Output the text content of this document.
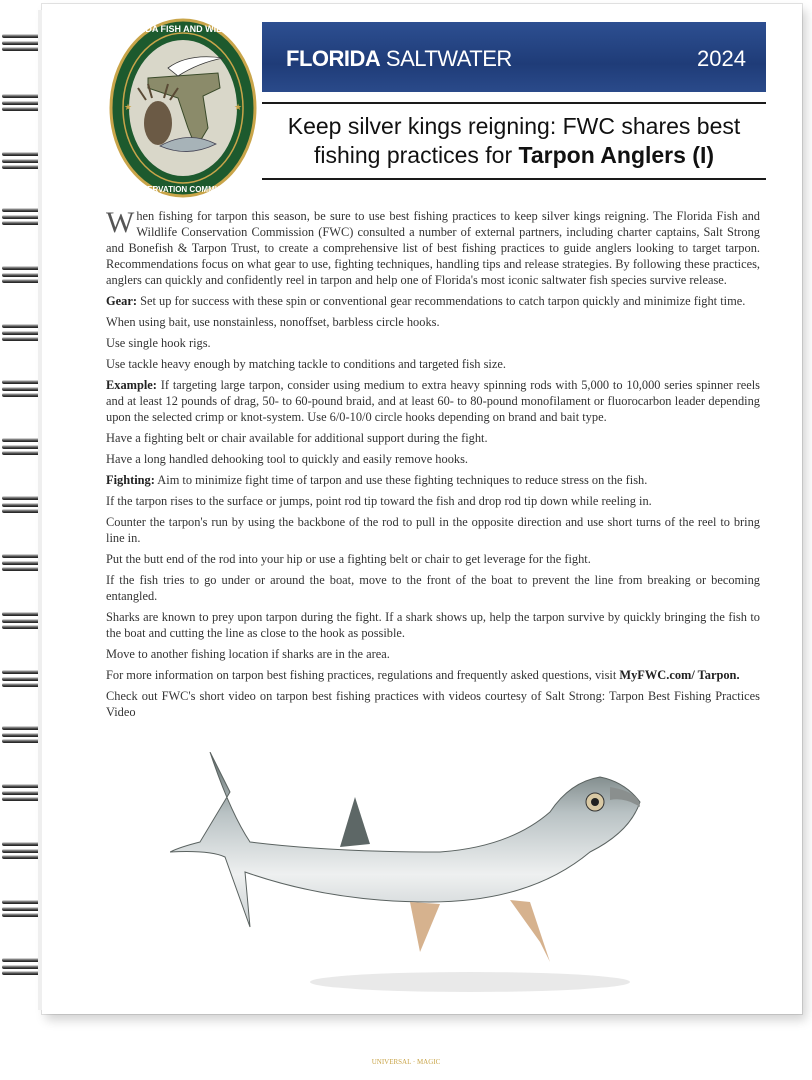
FLORIDA FISH AND WILDLIFE
CONSERVATION COMMISSION
★	★
FLORIDA SALTWATER	2024
Keep silver kings reigning: FWC shares best
fishing practices for Tarpon Anglers (I)

When fishing for tarpon this season, be sure to use best fishing practices to keep silver kings reigning. The Florida Fish and Wildlife Conservation Commission (FWC) consulted a number of external partners, including charter captains, Salt Strong and Bonefish & Tarpon Trust, to create a comprehensive list of best fishing practices to guide anglers looking to target tarpon. Recommendations focus on what gear to use, fighting techniques, handling tips and release strategies. By following these practices, anglers can quickly and confidently reel in tarpon and help one of Florida's most iconic saltwater fish species survive release.

Gear: Set up for success with these spin or conventional gear recommendations to catch tarpon quickly and minimize fight time.

When using bait, use nonstainless, nonoffset, barbless circle hooks.

Use single hook rigs.

Use tackle heavy enough by matching tackle to conditions and targeted fish size.

Example: If targeting large tarpon, consider using medium to extra heavy spinning rods with 5,000 to 10,000 series spinner reels and at least 12 pounds of drag, 50- to 60-pound braid, and at least 60- to 80-pound monofilament or fluorocarbon leader depending upon the selected crimp or knot-system. Use 6/0-10/0 circle hooks depending on brand and bait type.

Have a fighting belt or chair available for additional support during the fight.

Have a long handled dehooking tool to quickly and easily remove hooks.

Fighting: Aim to minimize fight time of tarpon and use these fighting techniques to reduce stress on the fish.

If the tarpon rises to the surface or jumps, point rod tip toward the fish and drop rod tip down while reeling in.

Counter the tarpon's run by using the backbone of the rod to pull in the opposite direction and use short turns of the reel to bring line in.

Put the butt end of the rod into your hip or use a fighting belt or chair to get leverage for the fight.

If the fish tries to go under or around the boat, move to the front of the boat to prevent the line from breaking or becoming entangled.

Sharks are known to prey upon tarpon during the fight. If a shark shows up, help the tarpon survive by quickly bringing the fish to the boat and cutting the line as close to the hook as possible.

Move to another fishing location if sharks are in the area.

For more information on tarpon best fishing practices, regulations and frequently asked questions, visit MyFWC.com/ Tarpon.

Check out FWC's short video on tarpon best fishing practices with videos courtesy of Salt Strong: Tarpon Best Fishing Practices Video

UNIVERSAL · MAGIC
